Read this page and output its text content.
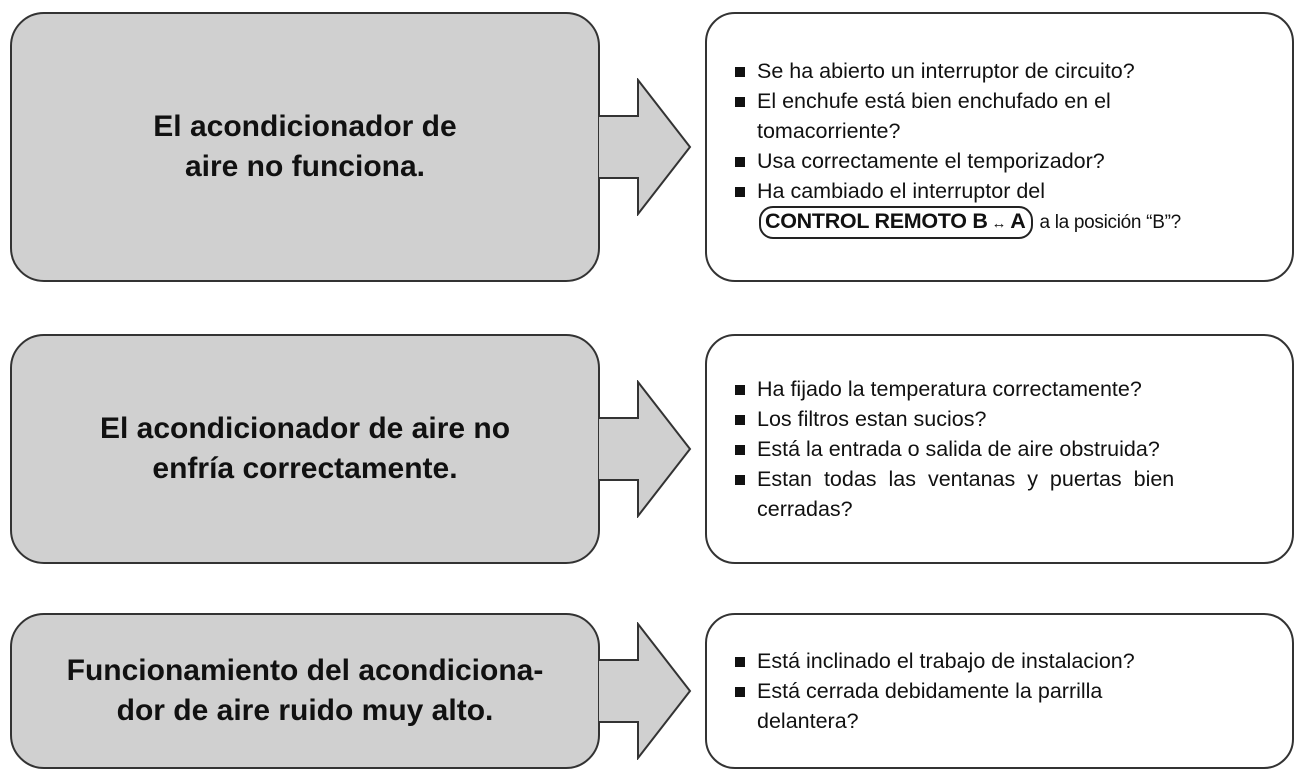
El acondicionador de
aire no funciona.
Se ha abierto un interruptor de circuito?
El enchufe está bien enchufado en el
tomacorriente?
Usa correctamente el temporizador?
Ha cambiado el interruptor del
CONTROL REMOTO B ↔ A a la posición “B”?
El acondicionador de aire no
enfría correctamente.
Ha fijado la temperatura correctamente?
Los filtros estan sucios?
Está la entrada o salida de aire obstruida?
Estan todas las ventanas y puertas bien
cerradas?
Funcionamiento del acondiciona-
dor de aire ruido muy alto.
Está inclinado el trabajo de instalacion?
Está cerrada debidamente la parrilla
delantera?
